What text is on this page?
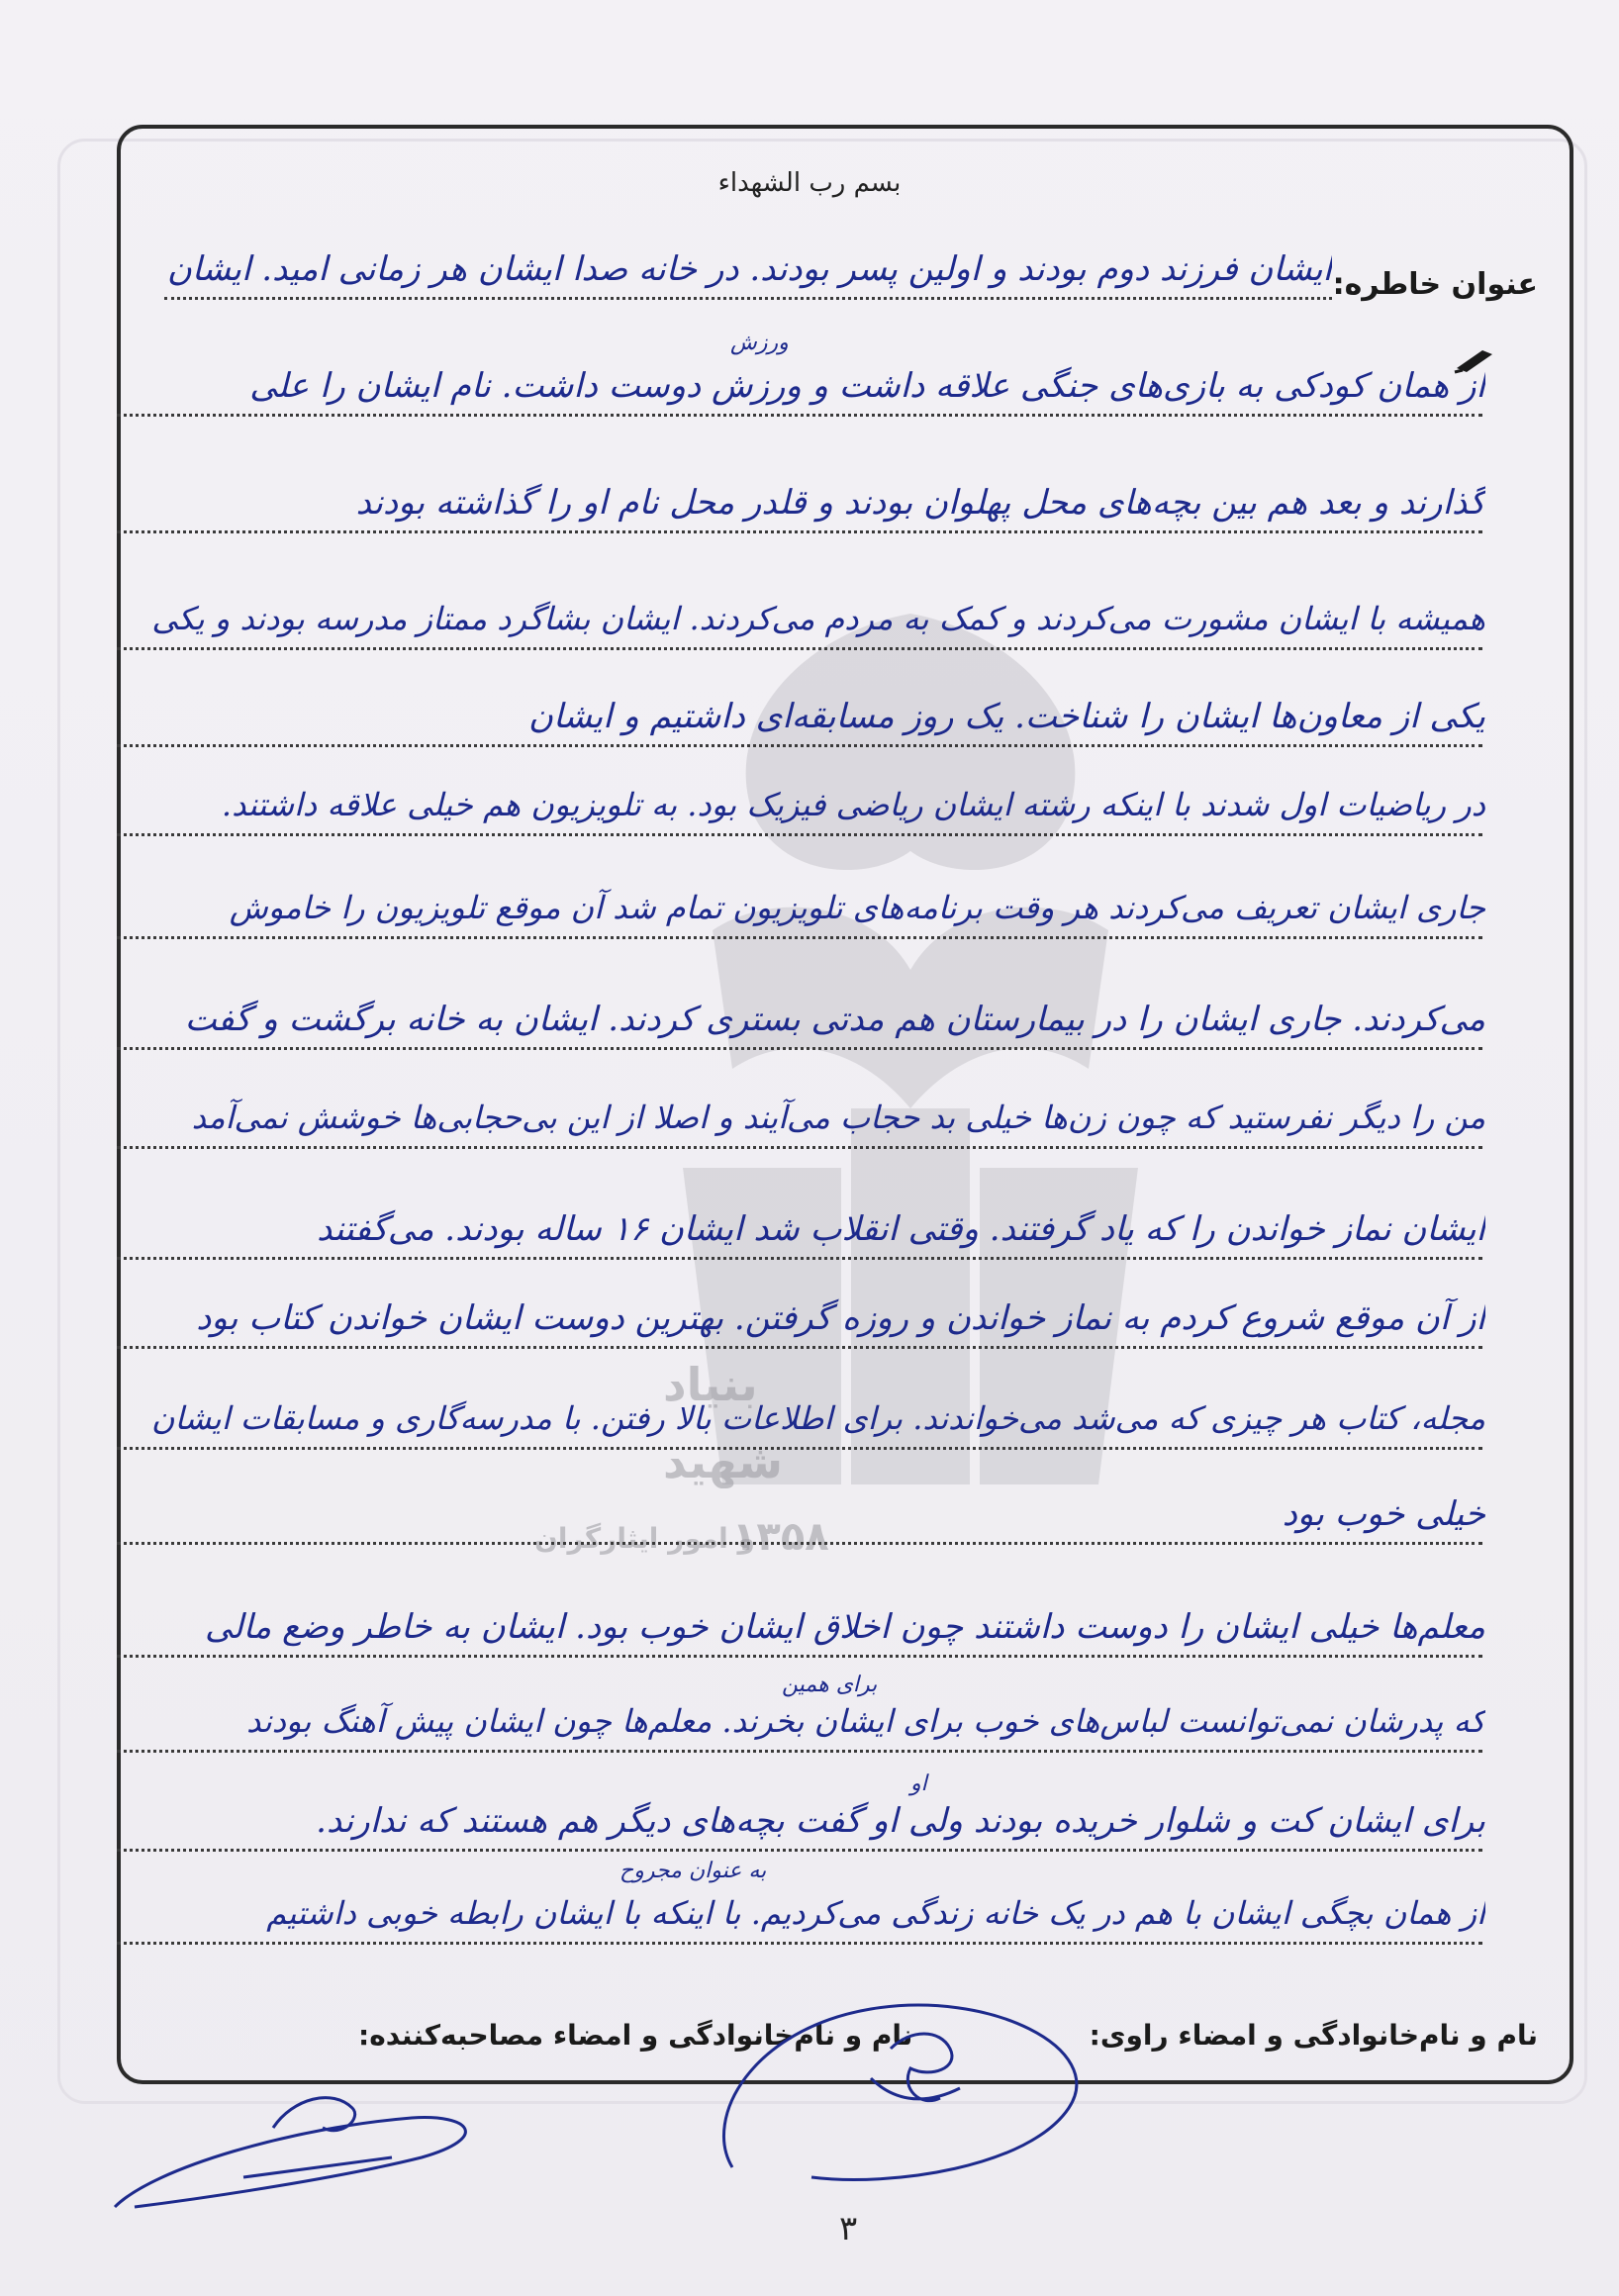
بنیاد
شهید
۱۳۵۸
و امور ایثارگران
بسم رب الشهداء
عنوان خاطره:
ایشان فرزند دوم بودند و اولین پسر بودند. در خانه صدا ایشان هر زمانی امید. ایشان
ورزش
از همان کودکی به بازی‌های جنگی علاقه داشت و ورزش دوست داشت. نام ایشان را علی
گذارند و بعد هم بین بچه‌های محل پهلوان بودند و قلدر محل نام او را گذاشته بودند
همیشه با ایشان مشورت می‌کردند و کمک به مردم می‌کردند. ایشان بشاگرد ممتاز مدرسه بودند و یکی
یکی از معاون‌ها ایشان را شناخت. یک روز مسابقه‌ای داشتیم و ایشان
در ریاضیات اول شدند با اینکه رشته ایشان ریاضی فیزیک بود. به تلویزیون هم خیلی علاقه داشتند.
جاری ایشان تعریف می‌کردند هر وقت برنامه‌های تلویزیون تمام شد آن موقع تلویزیون را خاموش
می‌کردند. جاری ایشان را در بیمارستان هم مدتی بستری کردند. ایشان به خانه برگشت و گفت
من را دیگر نفرستید که چون زن‌ها خیلی بد حجاب می‌آیند و اصلا از این بی‌حجابی‌ها خوشش نمی‌آمد
ایشان نماز خواندن را که یاد گرفتند. وقتی انقلاب شد ایشان ۱۶ ساله بودند. می‌گفتند
از آن موقع شروع کردم به نماز خواندن و روزه گرفتن. بهترین دوست ایشان خواندن کتاب بود
مجله، کتاب هر چیزی که می‌شد می‌خواندند. برای اطلاعات بالا رفتن. با مدرسه‌گاری و مسابقات ایشان
خیلی خوب بود
معلم‌ها خیلی ایشان را دوست داشتند چون اخلاق ایشان خوب بود. ایشان به خاطر وضع مالی
برای همین
که پدرشان نمی‌توانست لباس‌های خوب برای ایشان بخرند. معلم‌ها چون ایشان پیش آهنگ بودند
او
برای ایشان کت و شلوار خریده بودند ولی او گفت بچه‌های دیگر هم هستند که ندارند.
به عنوان مجروح
از همان بچگی ایشان با هم در یک خانه زندگی می‌کردیم. با اینکه با ایشان رابطه خوبی داشتیم
نام و نام‌خانوادگی و امضاء راوی:
نام و نام‌خانوادگی و امضاء مصاحبه‌کننده:
۳
